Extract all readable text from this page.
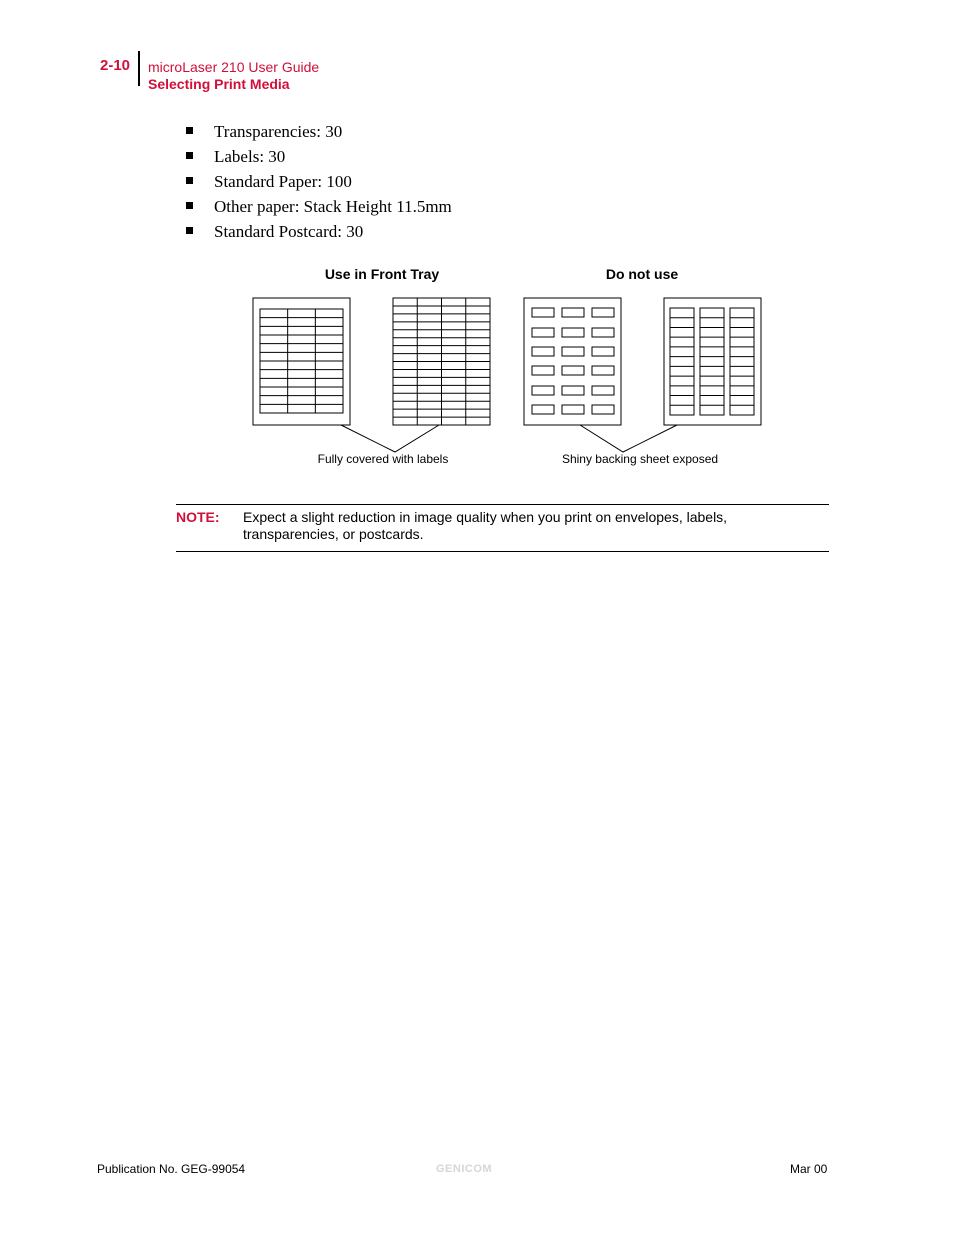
2-10 microLaser 210 User Guide
Selecting Print Media
Transparencies: 30
Labels: 30
Standard Paper: 100
Other paper: Stack Height 11.5mm
Standard Postcard: 30
Use in Front Tray	Do not use
Fully covered with labels	Shiny backing sheet exposed
NOTE: Expect a slight reduction in image quality when you print on envelopes, labels, transparencies, or postcards.
Publication No. GEG-99054	GENICOM	Mar 00
